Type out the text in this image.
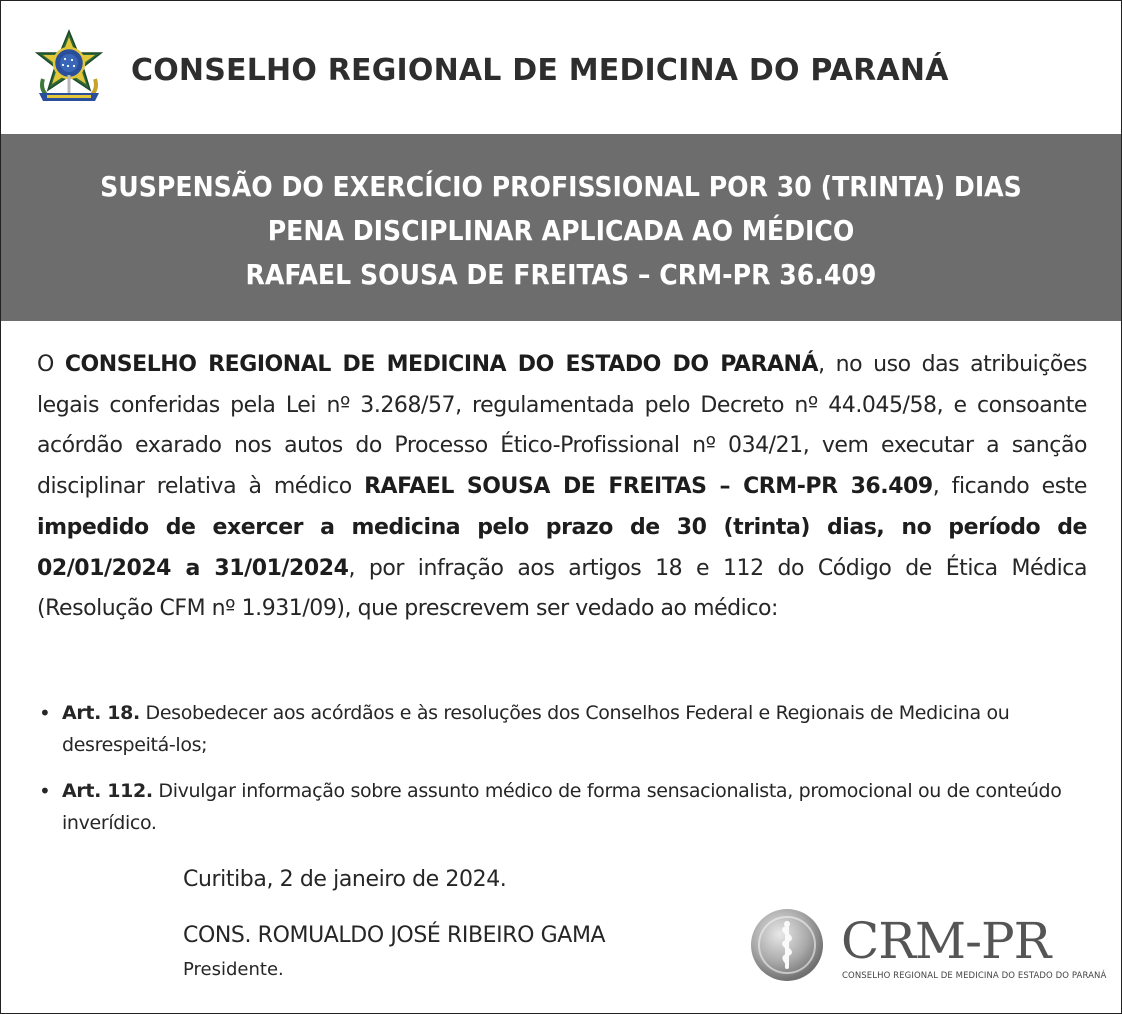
CONSELHO REGIONAL DE MEDICINA DO PARANÁ
SUSPENSÃO DO EXERCÍCIO PROFISSIONAL POR 30 (TRINTA) DIAS
PENA DISCIPLINAR APLICADA AO MÉDICO
RAFAEL SOUSA DE FREITAS – CRM-PR 36.409
O CONSELHO REGIONAL DE MEDICINA DO ESTADO DO PARANÁ, no uso das atribuições legais conferidas pela Lei nº 3.268/57, regulamentada pelo Decreto nº 44.045/58, e consoante acórdão exarado nos autos do Processo Ético-Profissional nº 034/21, vem executar a sanção disciplinar relativa à médico RAFAEL SOUSA DE FREITAS – CRM-PR 36.409, ficando este impedido de exercer a medicina pelo prazo de 30 (trinta) dias, no período de 02/01/2024 a 31/01/2024, por infração aos artigos 18 e 112 do Código de Ética Médica (Resolução CFM nº 1.931/09), que prescrevem ser vedado ao médico:
• Art. 18. Desobedecer aos acórdãos e às resoluções dos Conselhos Federal e Regionais de Medicina ou desrespeitá-los;
• Art. 112. Divulgar informação sobre assunto médico de forma sensacionalista, promocional ou de conteúdo inverídico.
Curitiba, 2 de janeiro de 2024.
CONS. ROMUALDO JOSÉ RIBEIRO GAMA
Presidente.	CRM-PR
CONSELHO REGIONAL DE MEDICINA DO ESTADO DO PARANÁ
